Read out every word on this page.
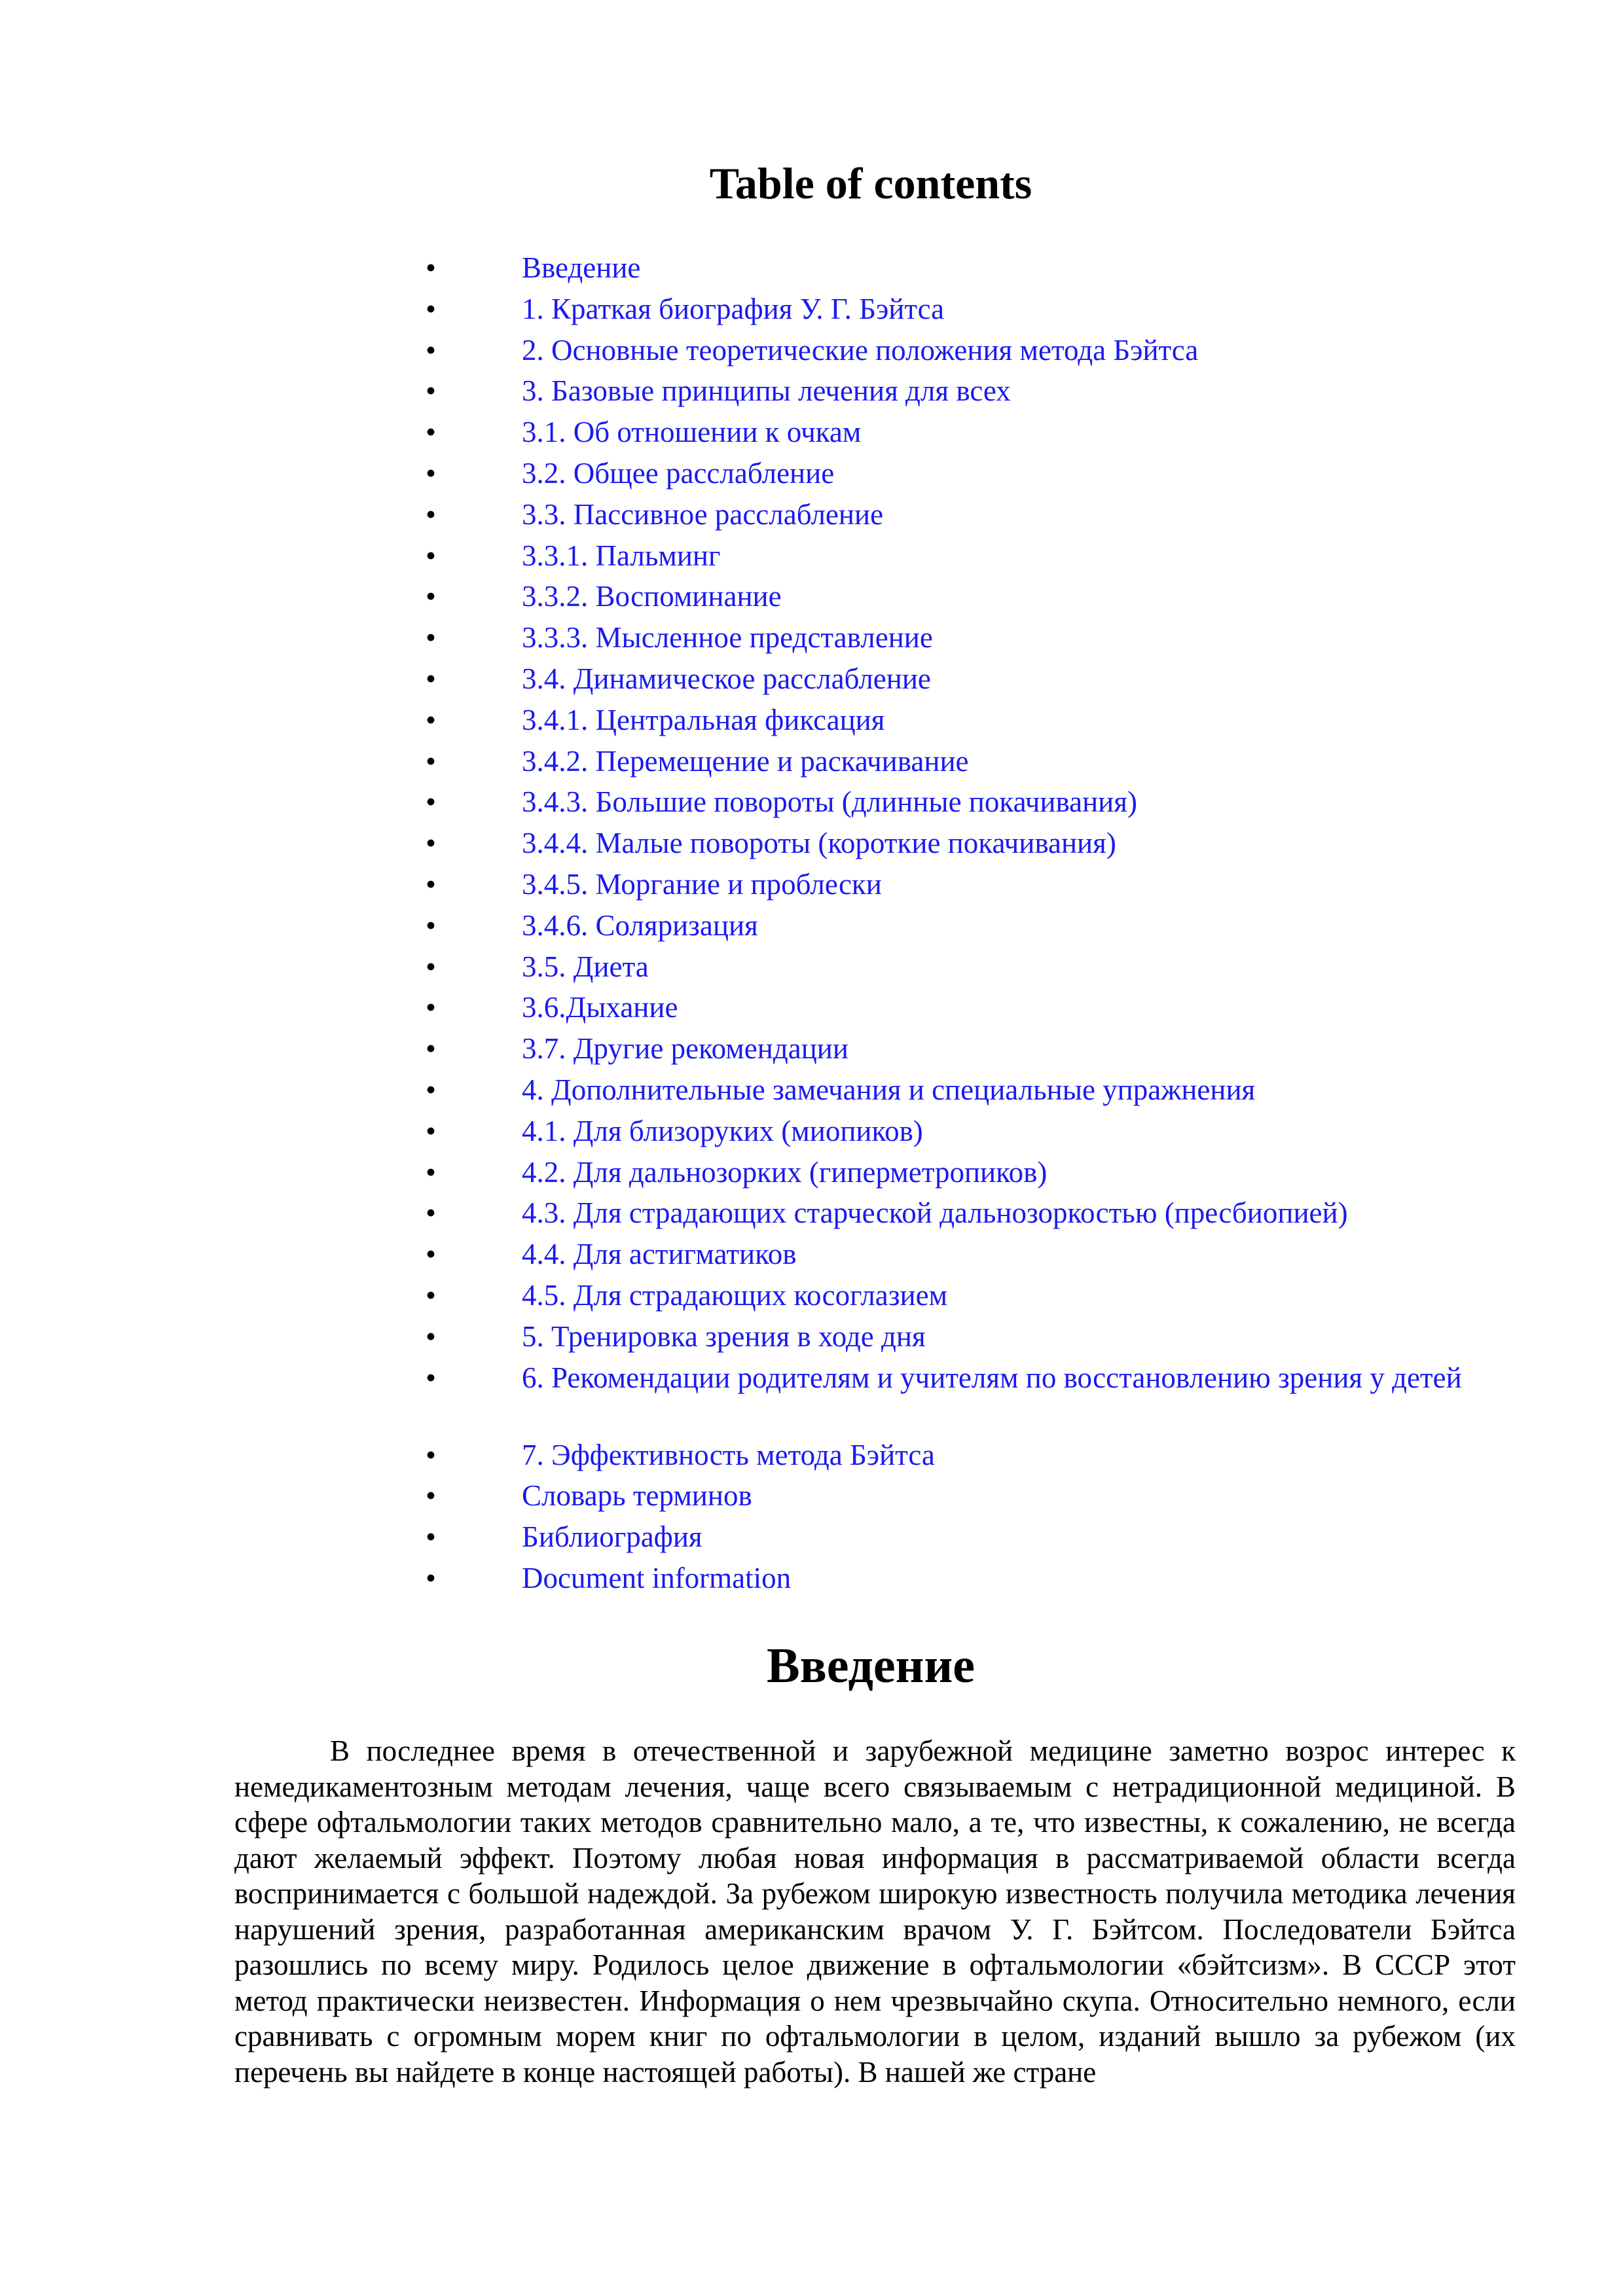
Table of contents
•	Введение
•	1. Краткая биография У. Г. Бэйтса
•	2. Основные теоретические положения метода Бэйтса
•	3. Базовые принципы лечения для всех
•	3.1. Об отношении к очкам
•	3.2. Общее расслабление
•	3.3. Пассивное расслабление
•	3.3.1. Пальминг
•	3.3.2. Воспоминание
•	3.3.3. Мысленное представление
•	3.4. Динамическое расслабление
•	3.4.1. Центральная фиксация
•	3.4.2. Перемещение и раскачивание
•	3.4.3. Большие повороты (длинные покачивания)
•	3.4.4. Малые повороты (короткие покачивания)
•	3.4.5. Моргание и проблески
•	3.4.6. Соляризация
•	3.5. Диета
•	3.6.Дыхание
•	3.7. Другие рекомендации
•	4. Дополнительные замечания и специальные упражнения
•	4.1. Для близоруких (миопиков)
•	4.2. Для дальнозорких (гиперметропиков)
•	4.3. Для страдающих старческой дальнозоркостью (пресбиопией)
•	4.4. Для астигматиков
•	4.5. Для страдающих косоглазием
•	5. Тренировка зрения в ходе дня
•	6. Рекомендации родителям и учителям по восстановлению зрения у детей
•	7. Эффективность метода Бэйтса
•	Словарь терминов
•	Библиография
•	Document information
Введение

В последнее время в отечественной и зарубежной медицине заметно возрос интерес к немедикаментозным методам лечения, чаще всего связываемым с нетрадиционной медициной. В сфере офтальмологии таких методов сравнительно мало, а те, что известны, к сожалению, не всегда дают желаемый эффект. Поэтому любая новая информация в рассматриваемой области всегда воспринимается с большой надеждой. За рубежом широкую известность получила методика лечения нарушений зрения, разработанная американским врачом У. Г. Бэйтсом. Последователи Бэйтса разошлись по всему миру. Родилось целое движение в офтальмологии «бэйтсизм». В СССР этот метод практически неизвестен. Информация о нем чрезвычайно скупа. Относительно немного, если сравнивать с огромным морем книг по офтальмологии в целом, изданий вышло за рубежом (их перечень вы найдете в конце настоящей работы). В нашей же стране
